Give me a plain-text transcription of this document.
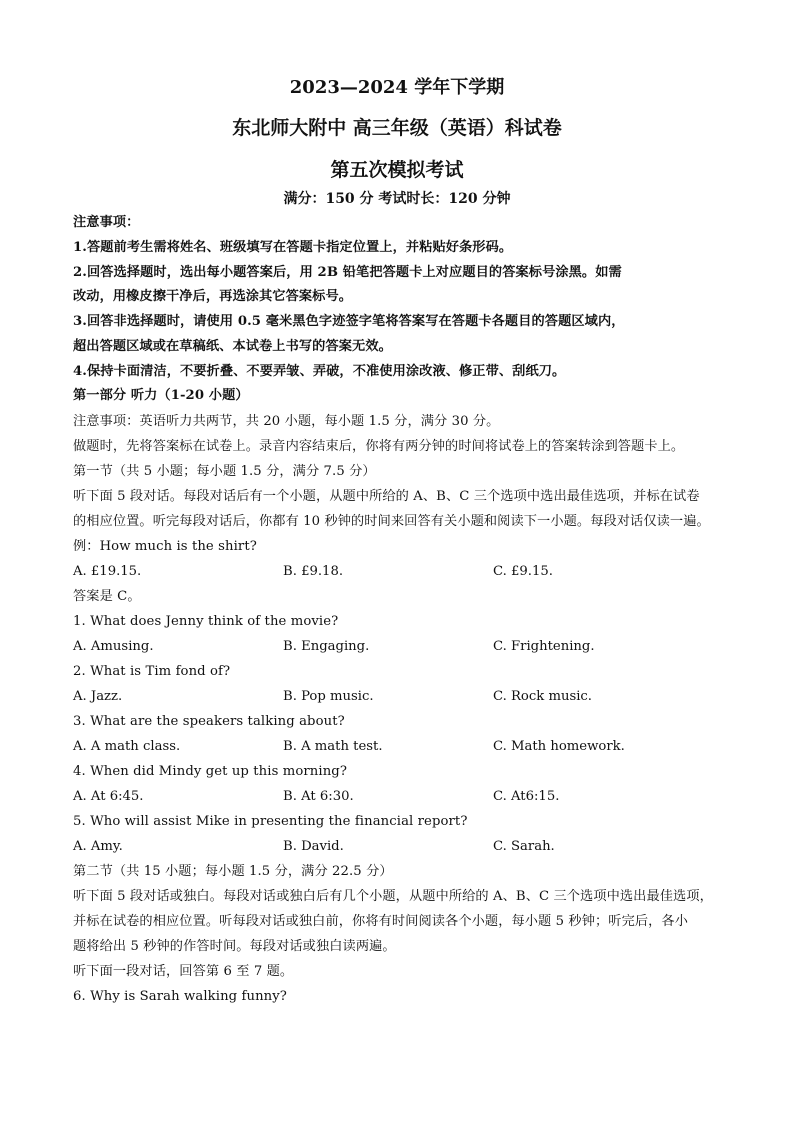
2023—2024 学年下学期
东北师大附中 高三年级（英语）科试卷
第五次模拟考试
满分：150 分 考试时长：120 分钟
注意事项：
1.答题前考生需将姓名、班级填写在答题卡指定位置上，并粘贴好条形码。
2.回答选择题时，选出每小题答案后，用 2B 铅笔把答题卡上对应题目的答案标号涂黑。如需
改动，用橡皮擦干净后，再选涂其它答案标号。
3.回答非选择题时，请使用 0.5 毫米黑色字迹签字笔将答案写在答题卡各题目的答题区域内，
超出答题区域或在草稿纸、本试卷上书写的答案无效。
4.保持卡面清洁，不要折叠、不要弄皱、弄破，不准使用涂改液、修正带、刮纸刀。
第一部分 听力（1-20 小题）
注意事项：英语听力共两节，共 20 小题，每小题 1.5 分，满分 30 分。
做题时，先将答案标在试卷上。录音内容结束后，你将有两分钟的时间将试卷上的答案转涂到答题卡上。
第一节（共 5 小题；每小题 1.5 分，满分 7.5 分）
听下面 5 段对话。每段对话后有一个小题，从题中所给的 A、B、C 三个选项中选出最佳选项，并标在试卷
的相应位置。听完每段对话后，你都有 10 秒钟的时间来回答有关小题和阅读下一小题。每段对话仅读一遍。
例：How much is the shirt?
A. £19.15.	B. £9.18.	C. £9.15.
答案是 C。
1. What does Jenny think of the movie?
A. Amusing.	B. Engaging.	C. Frightening.
2. What is Tim fond of?
A. Jazz.	B. Pop music.	C. Rock music.
3. What are the speakers talking about?
A. A math class.	B. A math test.	C. Math homework.
4. When did Mindy get up this morning?
A. At 6:45.	B. At 6:30.	C. At6:15.
5. Who will assist Mike in presenting the financial report?
A. Amy.	B. David.	C. Sarah.
第二节（共 15 小题；每小题 1.5 分，满分 22.5 分）
听下面 5 段对话或独白。每段对话或独白后有几个小题，从题中所给的 A、B、C 三个选项中选出最佳选项，
并标在试卷的相应位置。听每段对话或独白前，你将有时间阅读各个小题，每小题 5 秒钟；听完后，各小
题将给出 5 秒钟的作答时间。每段对话或独白读两遍。
听下面一段对话，回答第 6 至 7 题。
6. Why is Sarah walking funny?
